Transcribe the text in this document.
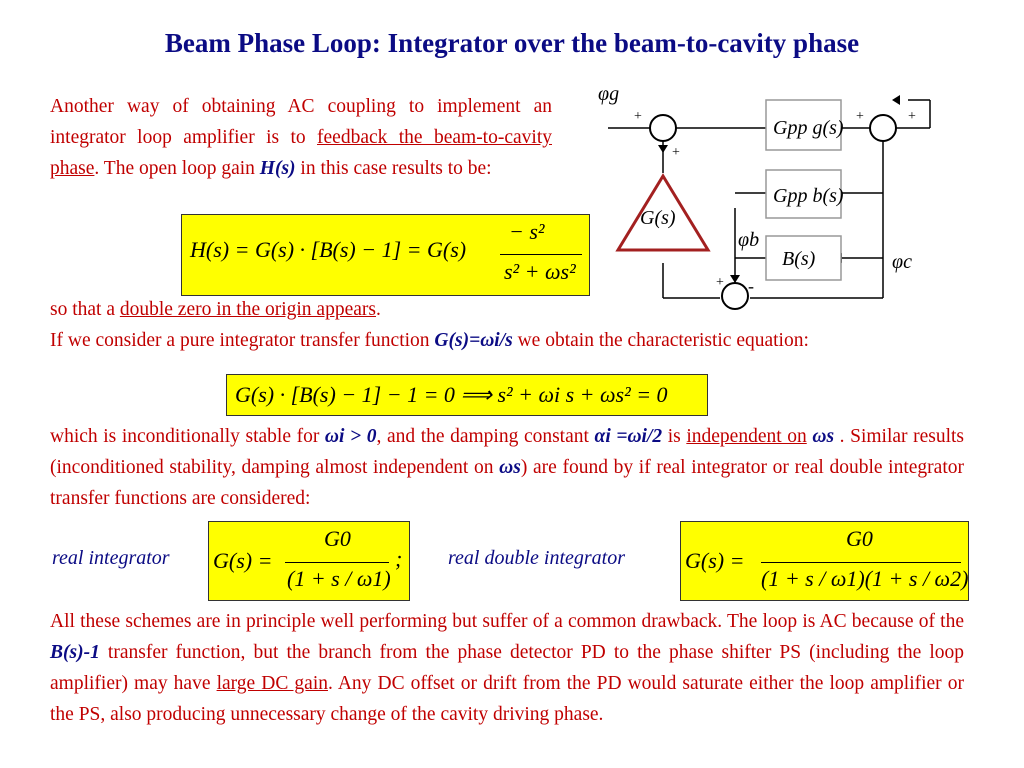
Beam Phase Loop: Integrator over the beam-to-cavity phase
Another way of obtaining AC coupling to implement an integrator loop amplifier is to feedback the beam-to-cavity phase. The open loop gain H(s) in this case results to be:
H(s) = G(s) · [B(s) − 1] = G(s)
− s²
s² + ωs²
φg
G(s)
Gpp g(s)
Gpp b(s)
B(s)
φb
φc
+
+
+	+
+ -
so that a double zero in the origin appears.
If we consider a pure integrator transfer function G(s)=ωi/s we obtain the characteristic equation:
G(s) · [B(s) − 1] − 1 = 0 ⟹ s² + ωi s + ωs² = 0
which is inconditionally stable for ωi > 0, and the damping constant αi =ωi/2 is independent on ωs . Similar results (inconditioned stability, damping almost independent on ωs) are found by if real integrator or real double integrator transfer functions are considered:
real integrator G(s) =
G0
(1 + s / ω1)
; real double integrator	G(s) =
G0
(1 + s / ω1)(1 + s / ω2)
All these schemes are in principle well performing but suffer of a common drawback. The loop is AC because of the B(s)-1 transfer function, but the branch from the phase detector PD to the phase shifter PS (including the loop amplifier) may have large DC gain. Any DC offset or drift from the PD would saturate either the loop amplifier or the PS, also producing unnecessary change of the cavity driving phase.
